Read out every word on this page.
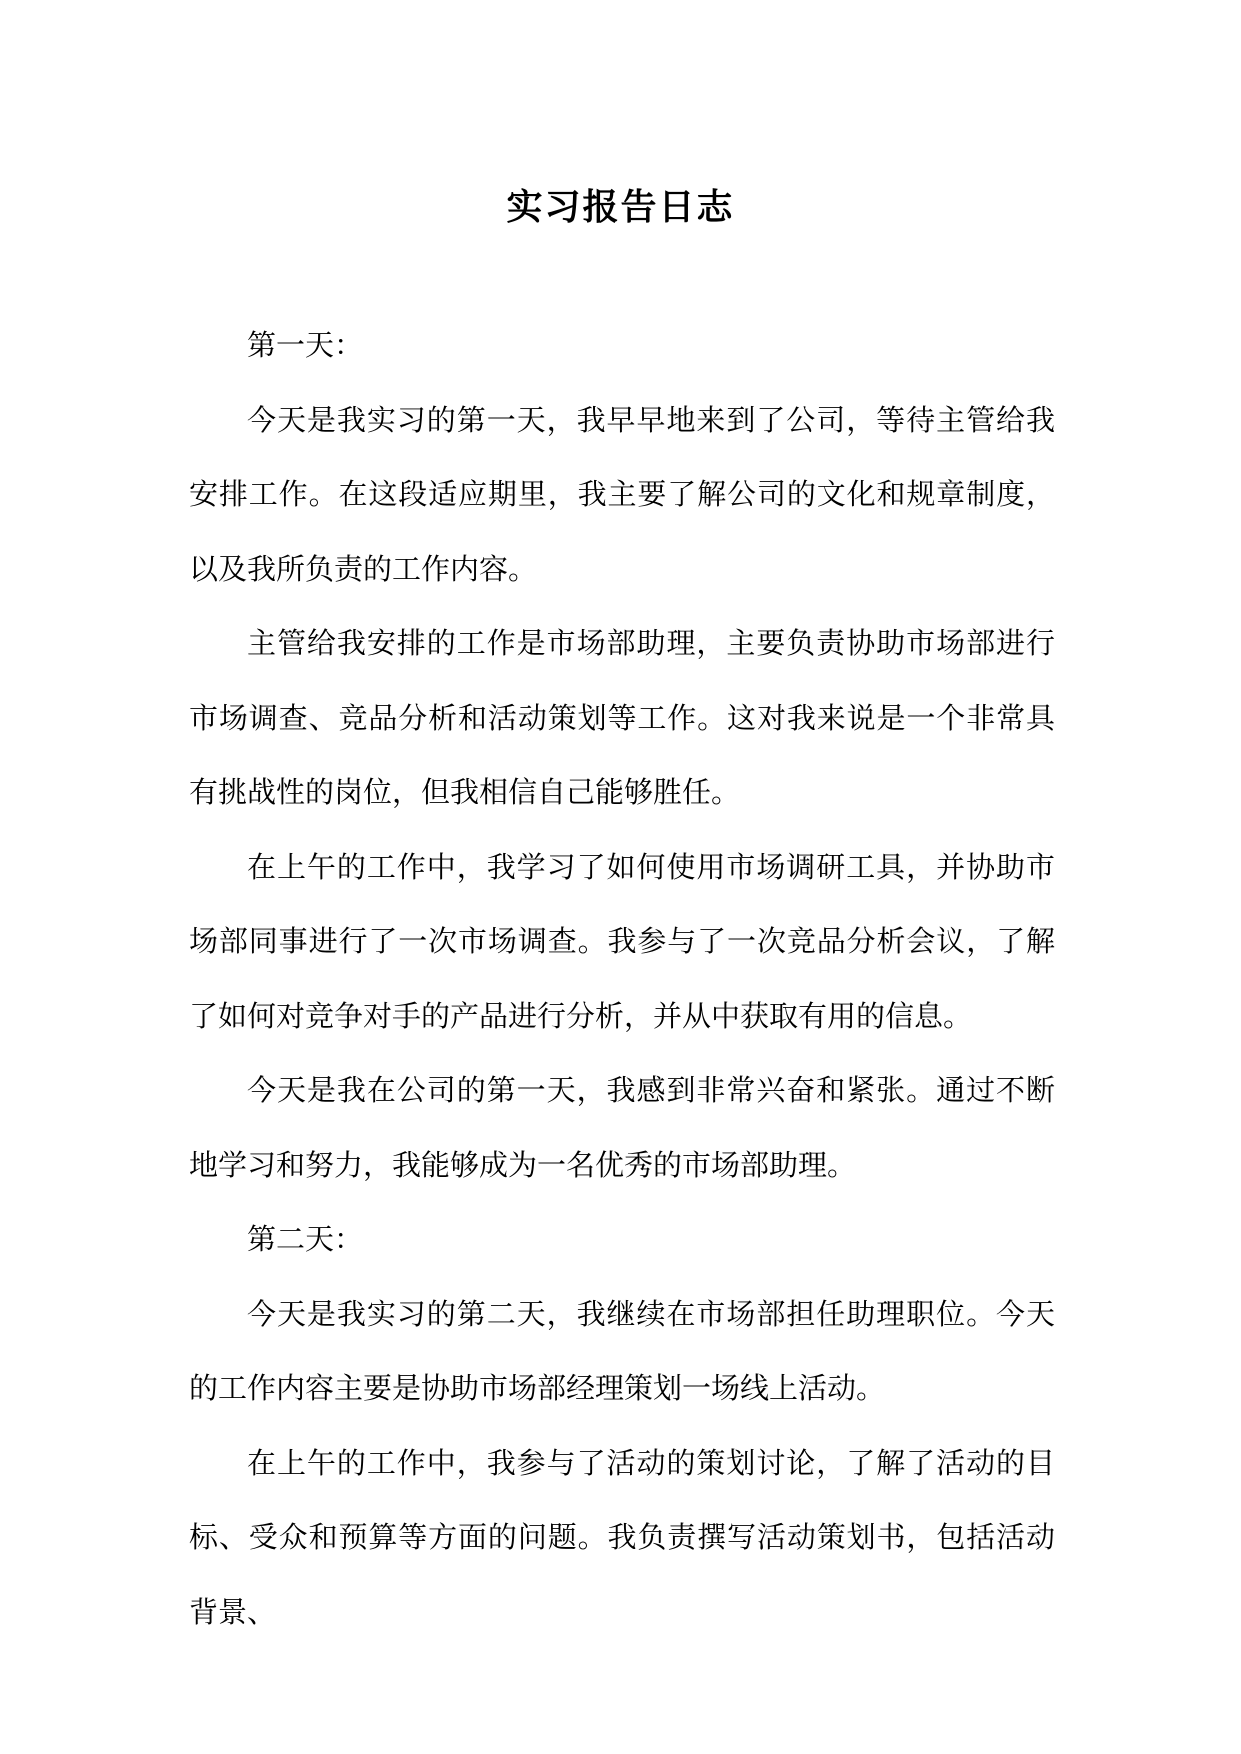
实习报告日志

第一天：

今天是我实习的第一天，我早早地来到了公司，等待主管给我安排工作。在这段适应期里，我主要了解公司的文化和规章制度，以及我所负责的工作内容。

主管给我安排的工作是市场部助理，主要负责协助市场部进行市场调查、竞品分析和活动策划等工作。这对我来说是一个非常具有挑战性的岗位，但我相信自己能够胜任。

在上午的工作中，我学习了如何使用市场调研工具，并协助市场部同事进行了一次市场调查。我参与了一次竞品分析会议，了解了如何对竞争对手的产品进行分析，并从中获取有用的信息。

今天是我在公司的第一天，我感到非常兴奋和紧张。通过不断地学习和努力，我能够成为一名优秀的市场部助理。

第二天：

今天是我实习的第二天，我继续在市场部担任助理职位。今天的工作内容主要是协助市场部经理策划一场线上活动。

在上午的工作中，我参与了活动的策划讨论，了解了活动的目标、受众和预算等方面的问题。我负责撰写活动策划书，包括活动背景、
